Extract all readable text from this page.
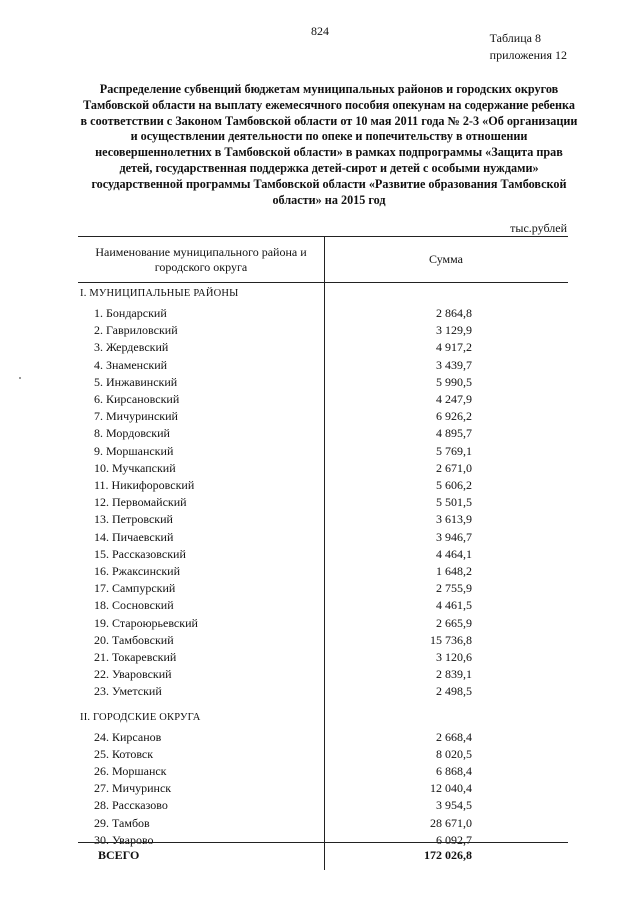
824	Таблица 8
приложения 12
Распределение субвенций бюджетам муниципальных районов и городских округов Тамбовской области на выплату ежемесячного пособия опекунам на содержание ребенка в соответствии с Законом Тамбовской области от 10 мая 2011 года № 2-3 «Об организации и осуществлении деятельности по опеке и попечительству в отношении несовершеннолетних в Тамбовской области» в рамках подпрограммы «Защита прав детей, государственная поддержка детей-сирот и детей с особыми нуждами» государственной программы Тамбовской области «Развитие образования Тамбовской области» на 2015 год
тыс.рублей
Наименование муниципального района и
городского округа
Сумма
I. МУНИЦИПАЛЬНЫЕ РАЙОНЫ
1. Бондарский	2 864,8
2. Гавриловский	3 129,9
3. Жердевский	4 917,2
4. Знаменский	3 439,7
5. Инжавинский	5 990,5
6. Кирсановский	4 247,9
7. Мичуринский	6 926,2
8. Мордовский	4 895,7
9. Моршанский	5 769,1
10. Мучкапский	2 671,0
11. Никифоровский	5 606,2
12. Первомайский	5 501,5
13. Петровский	3 613,9
14. Пичаевский	3 946,7
15. Рассказовский	4 464,1
16. Ржаксинский	1 648,2
17. Сампурский	2 755,9
18. Сосновский	4 461,5
19. Староюрьевский	2 665,9
20. Тамбовский	15 736,8
21. Токаревский	3 120,6
22. Уваровский	2 839,1
23. Уметский	2 498,5
II. ГОРОДСКИЕ ОКРУГА
24. Кирсанов	2 668,4
25. Котовск	8 020,5
26. Моршанск	6 868,4
27. Мичуринск	12 040,4
28. Рассказово	3 954,5
29. Тамбов	28 671,0
30. Уварово	6 092,7
ВСЕГО	172 026,8
